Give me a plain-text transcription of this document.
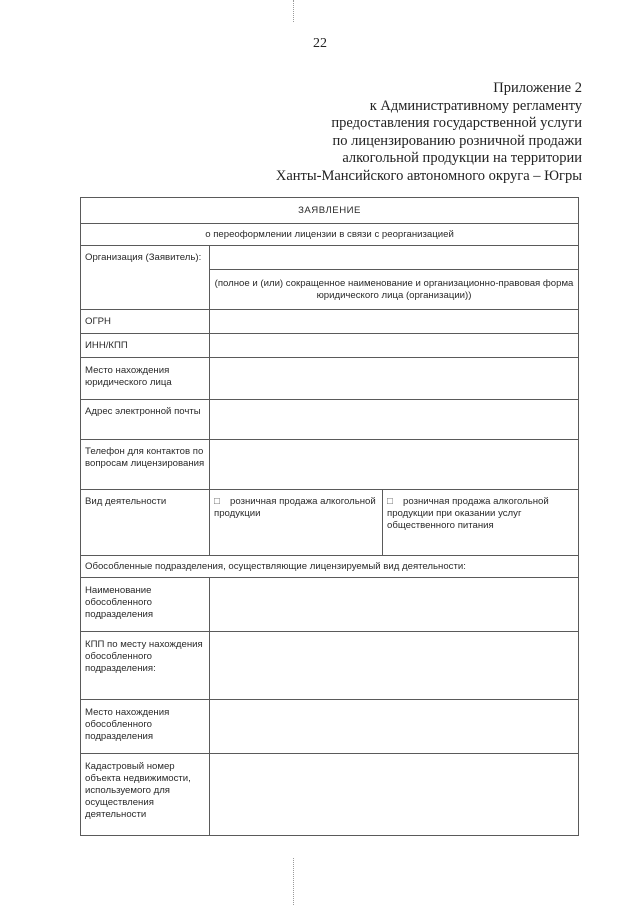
22
Приложение 2
к Административному регламенту
предоставления государственной услуги
по лицензированию розничной продажи
алкогольной продукции на территории
Ханты-Мансийского автономного округа – Югры
ЗАЯВЛЕНИЕ		
о переоформлении лицензии в связи с реорганизацией		
Организация (Заявитель):		
	(полное и (или) сокращенное наименование и организационно-правовая форма юридического лица (организации))	
ОГРН		
ИНН/КПП		
Место нахождения юридического лица		
Адрес электронной почты		
Телефон для контактов по вопросам лицензирования		
Вид деятельности	□ розничная продажа алкогольной продукции	□ розничная продажа алкогольной продукции при оказании услуг общественного питания
Обособленные подразделения, осуществляющие лицензируемый вид деятельности:		
Наименование обособленного подразделения		
КПП по месту нахождения обособленного подразделения:		
Место нахождения обособленного подразделения		
Кадастровый номер объекта недвижимости, используемого для осуществления деятельности		
